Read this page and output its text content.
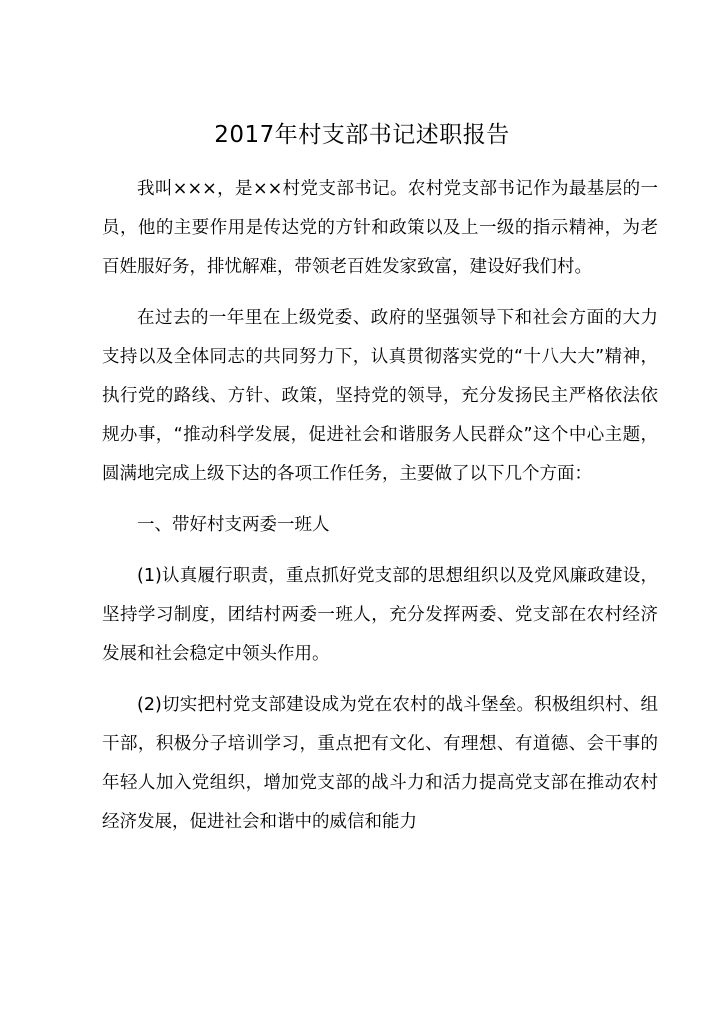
2017年村支部书记述职报告

我叫×××，是××村党支部书记。农村党支部书记作为最基层的一员，他的主要作用是传达党的方针和政策以及上一级的指示精神，为老百姓服好务，排忧解难，带领老百姓发家致富，建设好我们村。

在过去的一年里在上级党委、政府的坚强领导下和社会方面的大力支持以及全体同志的共同努力下，认真贯彻落实党的“十八大大”精神，执行党的路线、方针、政策，坚持党的领导，充分发扬民主严格依法依规办事，“推动科学发展，促进社会和谐服务人民群众”这个中心主题，圆满地完成上级下达的各项工作任务，主要做了以下几个方面：

一、带好村支两委一班人

(1)认真履行职责，重点抓好党支部的思想组织以及党风廉政建设，坚持学习制度，团结村两委一班人，充分发挥两委、党支部在农村经济发展和社会稳定中领头作用。

(2)切实把村党支部建设成为党在农村的战斗堡垒。积极组织村、组干部，积极分子培训学习，重点把有文化、有理想、有道德、会干事的年轻人加入党组织，增加党支部的战斗力和活力提高党支部在推动农村经济发展，促进社会和谐中的威信和能力
